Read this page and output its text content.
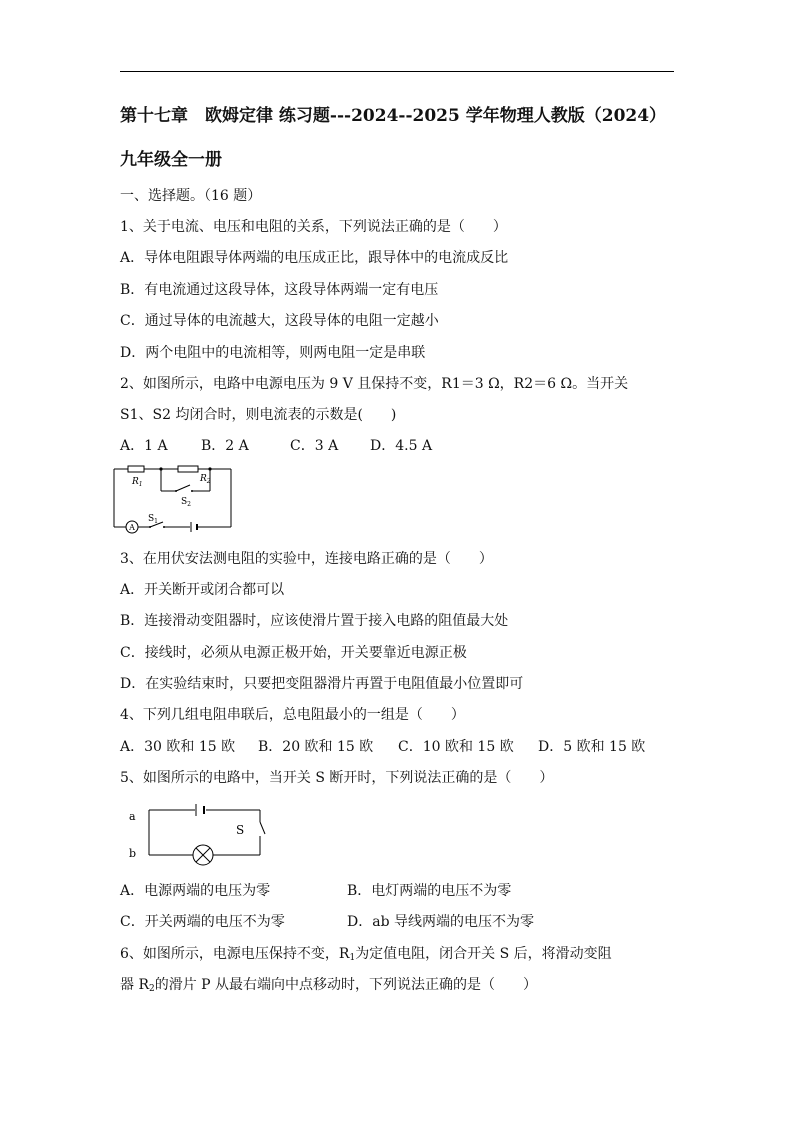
第十七章　欧姆定律 练习题---2024--2025 学年物理人教版（2024）
九年级全一册
一、选择题。（16 题）
1、关于电流、电压和电阻的关系，下列说法正确的是（　　）
A．导体电阻跟导体两端的电压成正比，跟导体中的电流成反比
B．有电流通过这段导体，这段导体两端一定有电压
C．通过导体的电流越大，这段导体的电阻一定越小
D．两个电阻中的电流相等，则两电阻一定是串联
2、如图所示，电路中电源电压为 9 V 且保持不变，R1＝3 Ω，R2＝6 Ω。当开关
S1、S2 均闭合时，则电流表的示数是(　　)
A．1 A B．2 A	C．3 A D．4.5 A
A
$R_1$
$R_2$
$S_2$
$S_1$
3、在用伏安法测电阻的实验中，连接电路正确的是（　　）
A．开关断开或闭合都可以
B．连接滑动变阻器时，应该使滑片置于接入电路的阻值最大处
C．接线时，必须从电源正极开始，开关要靠近电源正极
D．在实验结束时，只要把变阻器滑片再置于电阻值最小位置即可
4、下列几组电阻串联后，总电阻最小的一组是（　　）
A．30 欧和 15 欧 B．20 欧和 15 欧 C．10 欧和 15 欧 D．5 欧和 15 欧
5、如图所示的电路中，当开关 S 断开时，下列说法正确的是（　　）
a
b
S
A．电源两端的电压为零	B．电灯两端的电压不为零
C．开关两端的电压不为零	D．ab 导线两端的电压不为零
6、如图所示，电源电压保持不变，$R_1$为定值电阻，闭合开关 S 后，将滑动变阻
器 $R_2$的滑片 P 从最右端向中点移动时，下列说法正确的是（　　）
